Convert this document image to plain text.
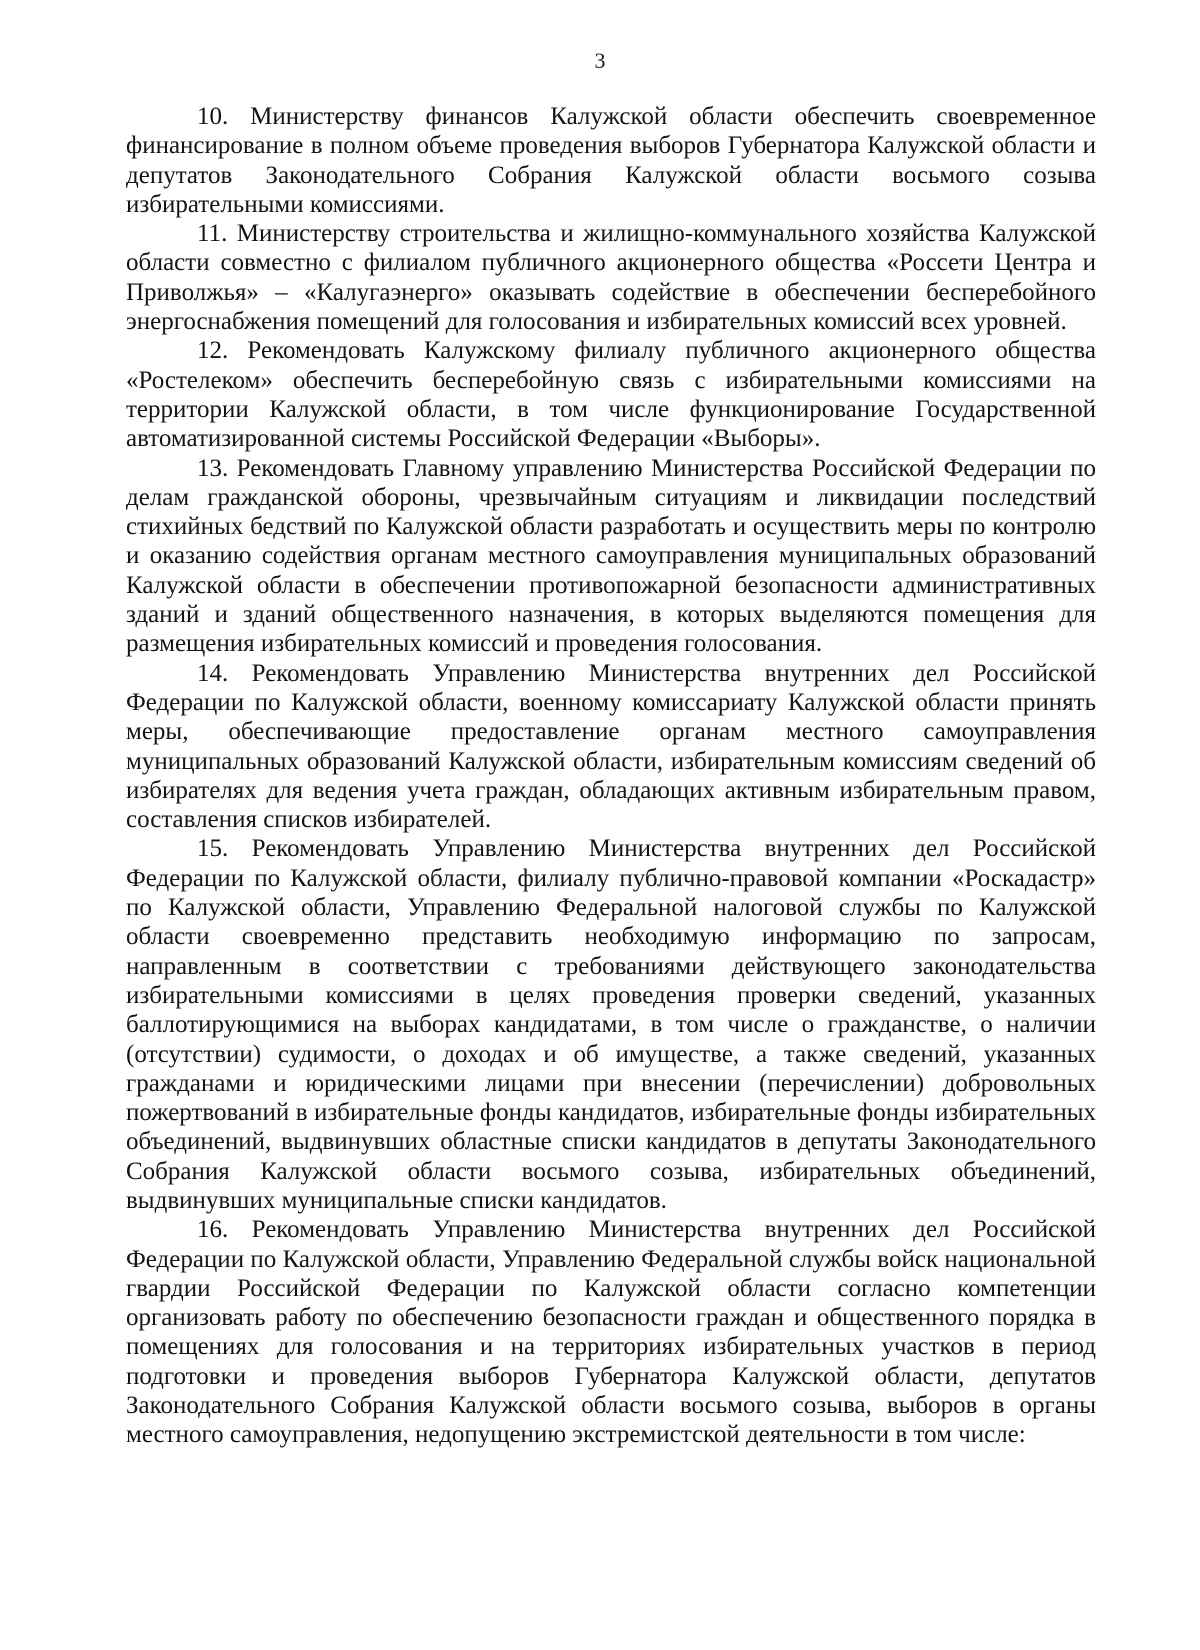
3

10. Министерству финансов Калужской области обеспечить своевременное финансирование в полном объеме проведения выборов Губернатора Калужской области и депутатов Законодательного Собрания Калужской области восьмого созыва избирательными комиссиями.

11. Министерству строительства и жилищно-коммунального хозяйства Калужской области совместно с филиалом публичного акционерного общества «Россети Центра и Приволжья» – «Калугаэнерго» оказывать содействие в обеспечении бесперебойного энергоснабжения помещений для голосования и избирательных комиссий всех уровней.

12. Рекомендовать Калужскому филиалу публичного акционерного общества «Ростелеком» обеспечить бесперебойную связь с избирательными комиссиями на территории Калужской области, в том числе функционирование Государственной автоматизированной системы Российской Федерации «Выборы».

13. Рекомендовать Главному управлению Министерства Российской Федерации по делам гражданской обороны, чрезвычайным ситуациям и ликвидации последствий стихийных бедствий по Калужской области разработать и осуществить меры по контролю и оказанию содействия органам местного самоуправления муниципальных образований Калужской области в обеспечении противопожарной безопасности административных зданий и зданий общественного назначения, в которых выделяются помещения для размещения избирательных комиссий и проведения голосования.

14. Рекомендовать Управлению Министерства внутренних дел Российской Федерации по Калужской области, военному комиссариату Калужской области принять меры, обеспечивающие предоставление органам местного самоуправления муниципальных образований Калужской области, избирательным комиссиям сведений об избирателях для ведения учета граждан, обладающих активным избирательным правом, составления списков избирателей.

15. Рекомендовать Управлению Министерства внутренних дел Российской Федерации по Калужской области, филиалу публично-правовой компании «Роскадастр» по Калужской области, Управлению Федеральной налоговой службы по Калужской области своевременно представить необходимую информацию по запросам, направленным в соответствии с требованиями действующего законодательства избирательными комиссиями в целях проведения проверки сведений, указанных баллотирующимися на выборах кандидатами, в том числе о гражданстве, о наличии (отсутствии) судимости, о доходах и об имуществе, а также сведений, указанных гражданами и юридическими лицами при внесении (перечислении) добровольных пожертвований в избирательные фонды кандидатов, избирательные фонды избирательных объединений, выдвинувших областные списки кандидатов в депутаты Законодательного Собрания Калужской области восьмого созыва, избирательных объединений, выдвинувших муниципальные списки кандидатов.

16. Рекомендовать Управлению Министерства внутренних дел Российской Федерации по Калужской области, Управлению Федеральной службы войск национальной гвардии Российской Федерации по Калужской области согласно компетенции организовать работу по обеспечению безопасности граждан и общественного порядка в помещениях для голосования и на территориях избирательных участков в период подготовки и проведения выборов Губернатора Калужской области, депутатов Законодательного Собрания Калужской области восьмого созыва, выборов в органы местного самоуправления, недопущению экстремистской деятельности в том числе:
